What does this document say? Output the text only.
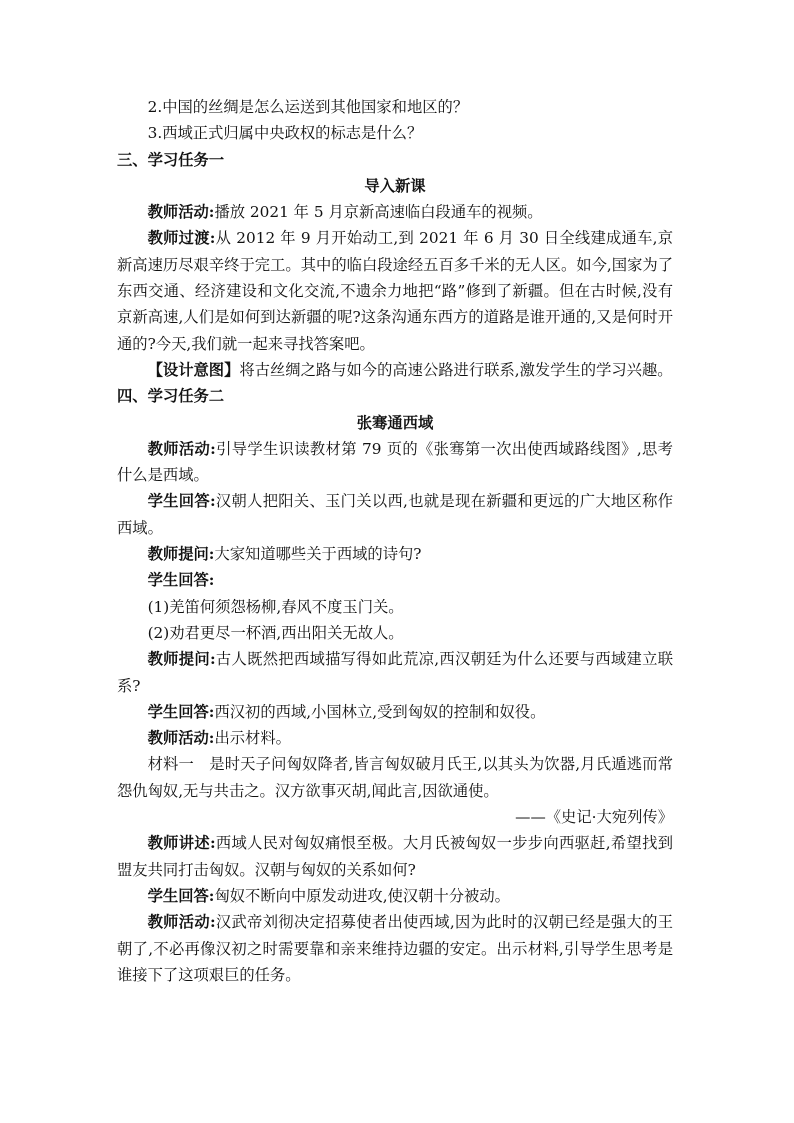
2.中国的丝绸是怎么运送到其他国家和地区的？

3.西域正式归属中央政权的标志是什么？

三、学习任务一

导入新课

教师活动:播放 2021 年 5 月京新高速临白段通车的视频。

教师过渡:从 2012 年 9 月开始动工,到 2021 年 6 月 30 日全线建成通车,京新高速历尽艰辛终于完工。其中的临白段途经五百多千米的无人区。如今,国家为了东西交通、经济建设和文化交流,不遗余力地把“路”修到了新疆。但在古时候,没有京新高速,人们是如何到达新疆的呢?这条沟通东西方的道路是谁开通的,又是何时开通的?今天,我们就一起来寻找答案吧。

【设计意图】将古丝绸之路与如今的高速公路进行联系,激发学生的学习兴趣。

四、学习任务二

张骞通西域

教师活动:引导学生识读教材第 79 页的《张骞第一次出使西域路线图》,思考什么是西域。

学生回答:汉朝人把阳关、玉门关以西,也就是现在新疆和更远的广大地区称作西域。

教师提问:大家知道哪些关于西域的诗句?

学生回答:

(1)羌笛何须怨杨柳,春风不度玉门关。

(2)劝君更尽一杯酒,西出阳关无故人。

教师提问:古人既然把西域描写得如此荒凉,西汉朝廷为什么还要与西域建立联系?

学生回答:西汉初的西域,小国林立,受到匈奴的控制和奴役。

教师活动:出示材料。

材料一 是时天子问匈奴降者,皆言匈奴破月氏王,以其头为饮器,月氏遁逃而常怨仇匈奴,无与共击之。汉方欲事灭胡,闻此言,因欲通使。

——《史记·大宛列传》

教师讲述:西域人民对匈奴痛恨至极。大月氏被匈奴一步步向西驱赶,希望找到盟友共同打击匈奴。汉朝与匈奴的关系如何?

学生回答:匈奴不断向中原发动进攻,使汉朝十分被动。

教师活动:汉武帝刘彻决定招募使者出使西域,因为此时的汉朝已经是强大的王朝了,不必再像汉初之时需要靠和亲来维持边疆的安定。出示材料,引导学生思考是谁接下了这项艰巨的任务。
